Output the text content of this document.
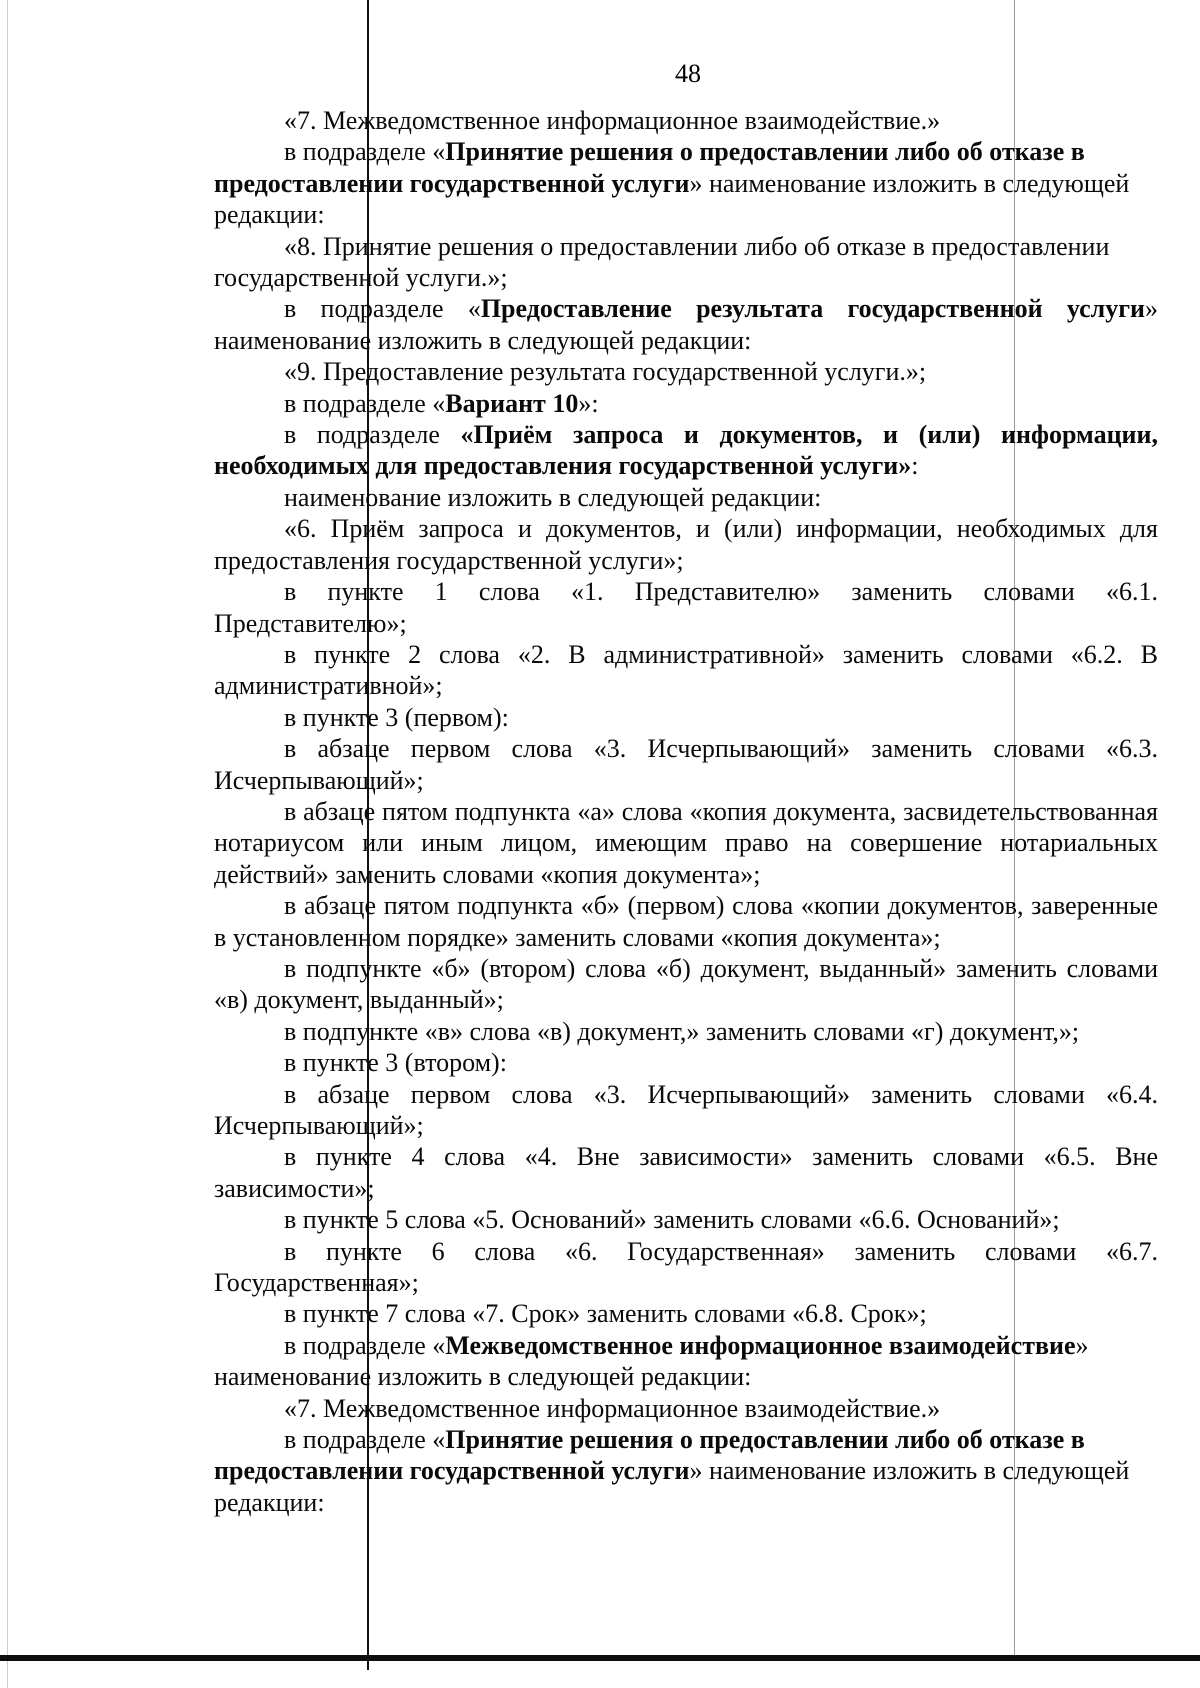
48

«7. Межведомственное информационное взаимодействие.»

в подразделе «Принятие решения о предоставлении либо об отказе в предоставлении государственной услуги» наименование изложить в следующей редакции:

«8. Принятие решения о предоставлении либо об отказе в предоставлении государственной услуги.»;

в подразделе «Предоставление результата государственной услуги» наименование изложить в следующей редакции:

«9. Предоставление результата государственной услуги.»;

в подразделе «Вариант 10»:

в подразделе «Приём запроса и документов, и (или) информации, необходимых для предоставления государственной услуги»:

наименование изложить в следующей редакции:

«6. Приём запроса и документов, и (или) информации, необходимых для предоставления государственной услуги»;

в пункте 1 слова «1. Представителю» заменить словами «6.1. Представителю»;

в пункте 2 слова «2. В административной» заменить словами «6.2. В административной»;

в пункте 3 (первом):

в абзаце первом слова «3. Исчерпывающий» заменить словами «6.3. Исчерпывающий»;

в абзаце пятом подпункта «а» слова «копия документа, засвидетельствованная нотариусом или иным лицом, имеющим право на совершение нотариальных действий» заменить словами «копия документа»;

в абзаце пятом подпункта «б» (первом) слова «копии документов, заверенные в установленном порядке» заменить словами «копия документа»;

в подпункте «б» (втором) слова «б) документ, выданный» заменить словами «в) документ, выданный»;

в подпункте «в» слова «в) документ,» заменить словами «г) документ,»;

в пункте 3 (втором):

в абзаце первом слова «3. Исчерпывающий» заменить словами «6.4. Исчерпывающий»;

в пункте 4 слова «4. Вне зависимости» заменить словами «6.5. Вне зависимости»;

в пункте 5 слова «5. Оснований» заменить словами «6.6. Оснований»;

в пункте 6 слова «6. Государственная» заменить словами «6.7. Государственная»;

в пункте 7 слова «7. Срок» заменить словами «6.8. Срок»;

в подразделе «Межведомственное информационное взаимодействие» наименование изложить в следующей редакции:

«7. Межведомственное информационное взаимодействие.»

в подразделе «Принятие решения о предоставлении либо об отказе в предоставлении государственной услуги» наименование изложить в следующей редакции:
